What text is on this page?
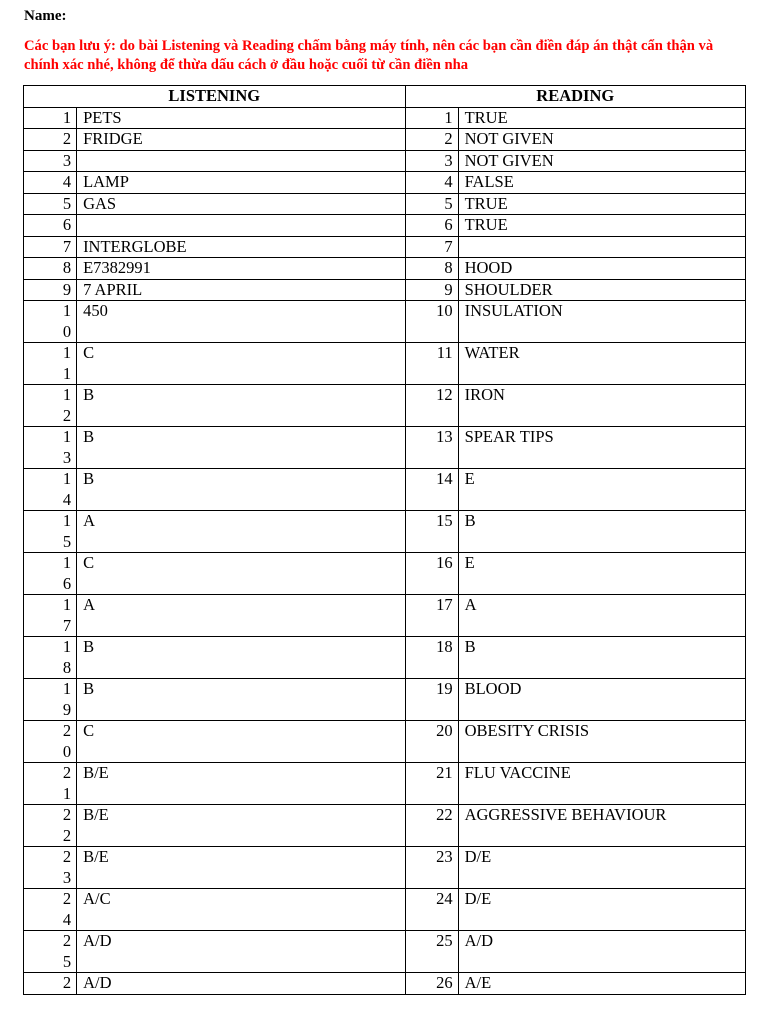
Name:
Các bạn lưu ý: do bài Listening và Reading chấm bằng máy tính, nên các bạn cần điền đáp án thật cẩn thận và chính xác nhé, không để thừa dấu cách ở đầu hoặc cuối từ cần điền nha
LISTENING		READING	
1	PETS		1	TRUE
2	FRIDGE		2	NOT GIVEN
3			3	NOT GIVEN
4	LAMP		4	FALSE
5	GAS		5	TRUE
6			6	TRUE
7	INTERGLOBE		7	
8	E7382991		8	HOOD
9	7 APRIL		9	SHOULDER
10	450		10	INSULATION
11	C		11	WATER
12	B		12	IRON
13	B		13	SPEAR TIPS
14	B		14	E
15	A		15	B
16	C		16	E
17	A		17	A
18	B		18	B
19	B		19	BLOOD
20	C		20	OBESITY CRISIS
21	B/E		21	FLU VACCINE
22	B/E		22	AGGRESSIVE BEHAVIOUR
23	B/E		23	D/E
24	A/C		24	D/E
25	A/D		25	A/D
2	A/D		26	A/E
